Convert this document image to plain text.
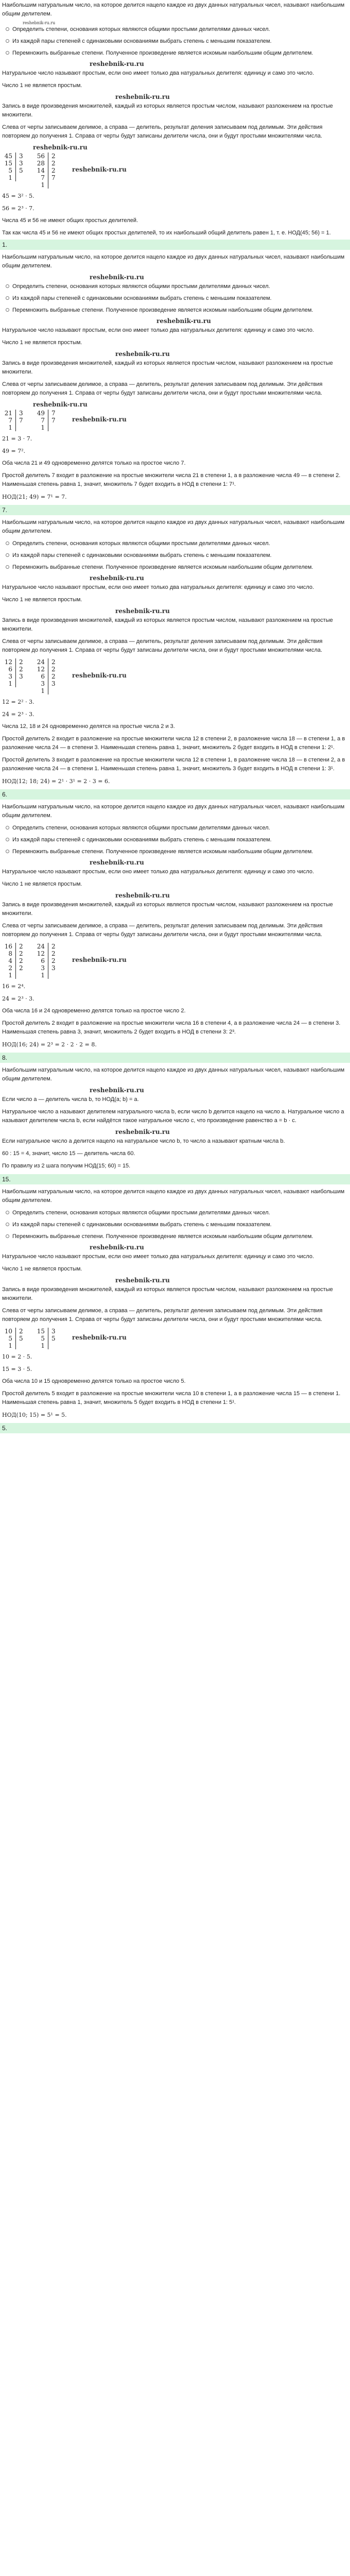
Наибольшим натуральным число, на которое делится нацело каждое из двух данных натуральных чисел, называют наибольшим общим делителем.

reshebnik-ru.ru
Определить степени, основания которых являются общими простыми делителями данных чисел.
Из каждой пары степеней с одинаковыми основаниями выбрать степень с меньшим показателем.
Перемножить выбранные степени. Полученное произведение является искомым наибольшим общим делителем.
reshebnik-ru.ru

Натуральное число называют простым, если оно имеет только два натуральных делителя: единицу и само это число.

Число 1 не является простым.

reshebnik-ru.ru

Запись в виде произведения множителей, каждый из которых является простым числом, называют разложением на простые множители.

Слева от черты записываем делимое, а справа — делитель, результат деления записываем под делимым. Эти действия повторяем до получения 1. Справа от черты будут записаны делители числа, они и будут простыми множителями числа.

reshebnik-ru.ru
45	3
15	3
5	5
1	
56	2
28	2
14	2
7	7
1	
reshebnik-ru.ru

45 = 3² · 5.

56 = 2³ · 7.

Числа 45 и 56 не имеют общих простых делителей.

Так как числа 45 и 56 не имеют общих простых делителей, то их наибольший общий делитель равен 1, т. е. НОД(45; 56) = 1.

1.

Наибольшим натуральным число, на которое делится нацело каждое из двух данных натуральных чисел, называют наибольшим общим делителем.

reshebnik-ru.ru
Определить степени, основания которых являются общими простыми делителями данных чисел.
Из каждой пары степеней с одинаковыми основаниями выбрать степень с меньшим показателем.
Перемножить выбранные степени. Полученное произведение является искомым наибольшим общим делителем.
reshebnik-ru.ru

Натуральное число называют простым, если оно имеет только два натуральных делителя: единицу и само это число.

Число 1 не является простым.

reshebnik-ru.ru

Запись в виде произведения множителей, каждый из которых является простым числом, называют разложением на простые множители.

Слева от черты записываем делимое, а справа — делитель, результат деления записываем под делимым. Эти действия повторяем до получения 1. Справа от черты будут записаны делители числа, они и будут простыми множителями числа.

reshebnik-ru.ru
21	3
7	7
1	
49	7
7	7
1	
reshebnik-ru.ru

21 = 3 · 7.

49 = 7².

Оба числа 21 и 49 одновременно делятся только на простое число 7.

Простой делитель 7 входит в разложение на простые множители числа 21 в степени 1, а в разложение числа 49 — в степени 2. Наименьшая степень равна 1, значит, множитель 7 будет входить в НОД в степени 1: 7¹.

НОД(21; 49) = 7¹ = 7.

7.

Наибольшим натуральным число, на которое делится нацело каждое из двух данных натуральных чисел, называют наибольшим общим делителем.

Определить степени, основания которых являются общими простыми делителями данных чисел.
Из каждой пары степеней с одинаковыми основаниями выбрать степень с меньшим показателем.
Перемножить выбранные степени. Полученное произведение является искомым наибольшим общим делителем.
reshebnik-ru.ru

Натуральное число называют простым, если оно имеет только два натуральных делителя: единицу и само это число.

Число 1 не является простым.

reshebnik-ru.ru

Запись в виде произведения множителей, каждый из которых является простым числом, называют разложением на простые множители.

Слева от черты записываем делимое, а справа — делитель, результат деления записываем под делимым. Эти действия повторяем до получения 1. Справа от черты будут записаны делители числа, они и будут простыми множителями числа.

12	2
6	2
3	3
1	
24	2
12	2
6	2
3	3
1	
reshebnik-ru.ru

12 = 2² · 3.

24 = 2³ · 3.

Числа 12, 18 и 24 одновременно делятся на простые числа 2 и 3.

Простой делитель 2 входит в разложение на простые множители числа 12 в степени 2, в разложение числа 18 — в степени 1, а в разложение числа 24 — в степени 3. Наименьшая степень равна 1, значит, множитель 2 будет входить в НОД в степени 1: 2¹.

Простой делитель 3 входит в разложение на простые множители числа 12 в степени 1, в разложение числа 18 — в степени 2, а в разложение числа 24 — в степени 1. Наименьшая степень равна 1, значит, множитель 3 будет входить в НОД в степени 1: 3¹.

НОД(12; 18; 24) = 2¹ · 3¹ = 2 · 3 = 6.

6.

Наибольшим натуральным число, на которое делится нацело каждое из двух данных натуральных чисел, называют наибольшим общим делителем.

Определить степени, основания которых являются общими простыми делителями данных чисел.
Из каждой пары степеней с одинаковыми основаниями выбрать степень с меньшим показателем.
Перемножить выбранные степени. Полученное произведение является искомым наибольшим общим делителем.
reshebnik-ru.ru

Натуральное число называют простым, если оно имеет только два натуральных делителя: единицу и само это число.

Число 1 не является простым.

reshebnik-ru.ru

Запись в виде произведения множителей, каждый из которых является простым числом, называют разложением на простые множители.

Слева от черты записываем делимое, а справа — делитель, результат деления записываем под делимым. Эти действия повторяем до получения 1. Справа от черты будут записаны делители числа, они и будут простыми множителями числа.

16	2
8	2
4	2
2	2
1	
24	2
12	2
6	2
3	3
1	
reshebnik-ru.ru

16 = 2⁴.

24 = 2³ · 3.

Оба числа 16 и 24 одновременно делятся только на простое число 2.

Простой делитель 2 входит в разложение на простые множители числа 16 в степени 4, а в разложение числа 24 — в степени 3. Наименьшая степень равна 3, значит, множитель 2 будет входить в НОД в степени 3: 2³.

НОД(16; 24) = 2³ = 2 · 2 · 2 = 8.

8.

Наибольшим натуральным число, на которое делится нацело каждое из двух данных натуральных чисел, называют наибольшим общим делителем.

reshebnik-ru.ru

Если число a — делитель числа b, то НОД(a; b) = a.

Натуральное число a называют делителем натурального числа b, если число b делится нацело на число a. Натуральное число a называют делителем числа b, если найдётся такое натуральное число c, что произведение равенство a = b · c.

reshebnik-ru.ru

Если натуральное число a делится нацело на натуральное число b, то число a называют кратным числа b.

60 : 15 = 4, значит, число 15 — делитель числа 60.

По правилу из 2 шага получим НОД(15; 60) = 15.

15.

Наибольшим натуральным число, на которое делится нацело каждое из двух данных натуральных чисел, называют наибольшим общим делителем.

Определить степени, основания которых являются общими простыми делителями данных чисел.
Из каждой пары степеней с одинаковыми основаниями выбрать степень с меньшим показателем.
Перемножить выбранные степени. Полученное произведение является искомым наибольшим общим делителем.
reshebnik-ru.ru

Натуральное число называют простым, если оно имеет только два натуральных делителя: единицу и само это число.

Число 1 не является простым.

reshebnik-ru.ru

Запись в виде произведения множителей, каждый из которых является простым числом, называют разложением на простые множители.

Слева от черты записываем делимое, а справа — делитель, результат деления записываем под делимым. Эти действия повторяем до получения 1. Справа от черты будут записаны делители числа, они и будут простыми множителями числа.

10	2
5	5
1	
15	3
5	5
1	
reshebnik-ru.ru

10 = 2 · 5.

15 = 3 · 5.

Оба числа 10 и 15 одновременно делятся только на простое число 5.

Простой делитель 5 входит в разложение на простые множители числа 10 в степени 1, а в разложение числа 15 — в степени 1. Наименьшая степень равна 1, значит, множитель 5 будет входить в НОД в степени 1: 5¹.

НОД(10; 15) = 5¹ = 5.

5.
